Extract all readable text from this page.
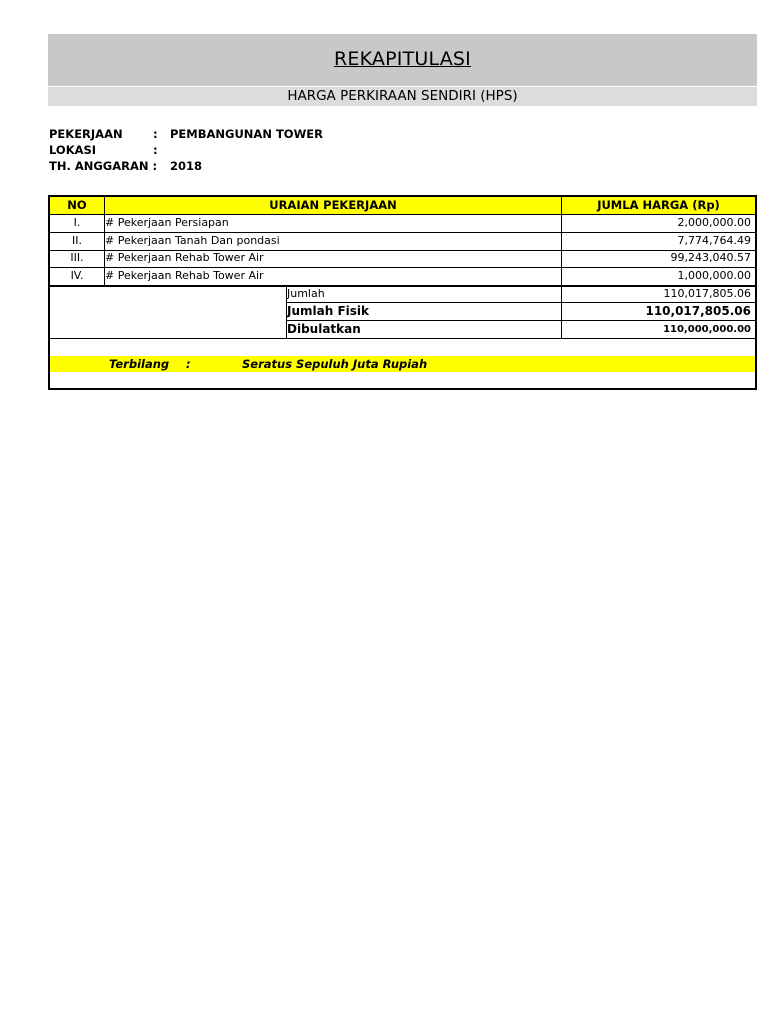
REKAPITULASI
HARGA PERKIRAAN SENDIRI (HPS)
PEKERJAAN	: PEMBANGUNAN TOWER
LOKASI	:
TH. ANGGARAN : 2018
NO	URAIAN PEKERJAAN	JUMLA HARGA (Rp)
I.	# Pekerjaan Persiapan	2,000,000.00
II.	# Pekerjaan Tanah Dan pondasi	7,774,764.49
III.	# Pekerjaan Rehab Tower Air	99,243,040.57
IV.	# Pekerjaan Rehab Tower Air	1,000,000.00
Jumlah	110,017,805.06
Jumlah Fisik	110,017,805.06
Dibulatkan	110,000,000.00
Terbilang :	Seratus Sepuluh Juta Rupiah
